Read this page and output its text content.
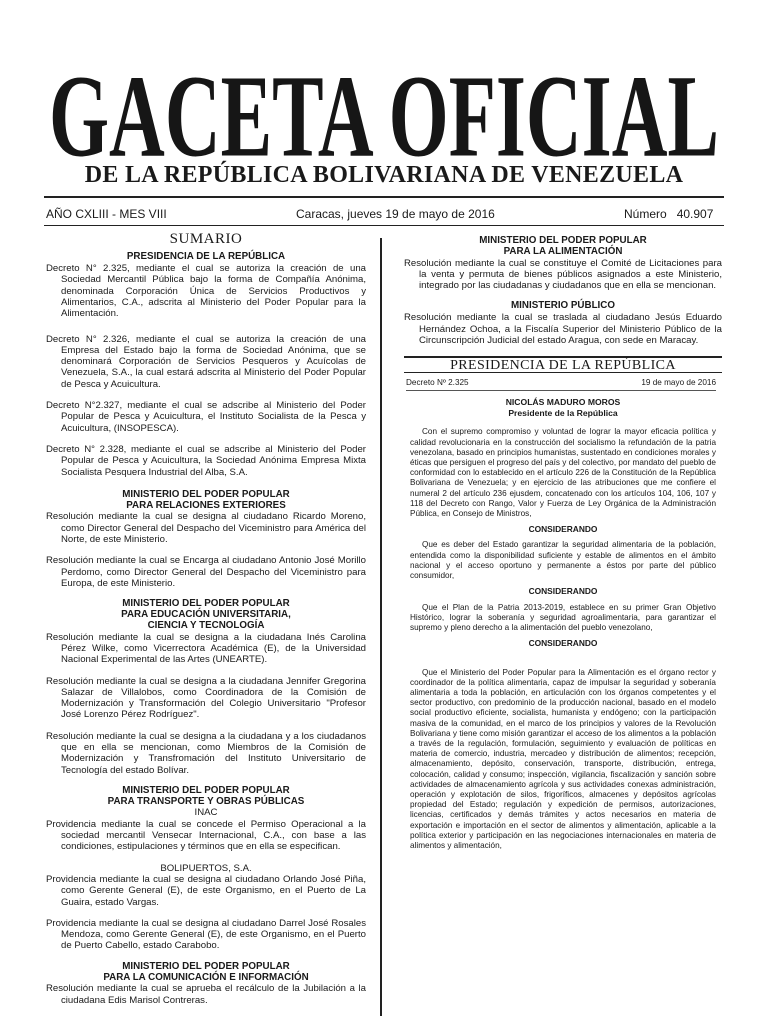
GACETA OFICIAL
DE LA REPÚBLICA BOLIVARIANA DE VENEZUELA
AÑO CXLIII - MES VIII	Caracas, jueves 19 de mayo de 2016	Número 40.907
SUMARIO
PRESIDENCIA DE LA REPÚBLICA
Decreto N° 2.325, mediante el cual se autoriza la creación de una Sociedad Mercantil Pública bajo la forma de Compañía Anónima, denominada Corporación Única de Servicios Productivos y Alimentarios, C.A., adscrita al Ministerio del Poder Popular para la Alimentación.
Decreto N° 2.326, mediante el cual se autoriza la creación de una Empresa del Estado bajo la forma de Sociedad Anónima, que se denominará Corporación de Servicios Pesqueros y Acuícolas de Venezuela, S.A., la cual estará adscrita al Ministerio del Poder Popular de Pesca y Acuicultura.
Decreto N°2.327, mediante el cual se adscribe al Ministerio del Poder Popular de Pesca y Acuicultura, el Instituto Socialista de la Pesca y Acuicultura, (INSOPESCA).
Decreto N° 2.328, mediante el cual se adscribe al Ministerio del Poder Popular de Pesca y Acuicultura, la Sociedad Anónima Empresa Mixta Socialista Pesquera Industrial del Alba, S.A.
MINISTERIO DEL PODER POPULAR
PARA RELACIONES EXTERIORES
Resolución mediante la cual se designa al ciudadano Ricardo Moreno, como Director General del Despacho del Viceministro para América del Norte, de este Ministerio.
Resolución mediante la cual se Encarga al ciudadano Antonio José Morillo Perdomo, como Director General del Despacho del Viceministro para Europa, de este Ministerio.
MINISTERIO DEL PODER POPULAR
PARA EDUCACIÓN UNIVERSITARIA,
CIENCIA Y TECNOLOGÍA
Resolución mediante la cual se designa a la ciudadana Inés Carolina Pérez Wilke, como Vicerrectora Académica (E), de la Universidad Nacional Experimental de las Artes (UNEARTE).
Resolución mediante la cual se designa a la ciudadana Jennifer Gregorina Salazar de Villalobos, como Coordinadora de la Comisión de Modernización y Transformación del Colegio Universitario "Profesor José Lorenzo Pérez Rodríguez".
Resolución mediante la cual se designa a la ciudadana y a los ciudadanos que en ella se mencionan, como Miembros de la Comisión de Modernización y Transfromación del Instituto Universitario de Tecnología del estado Bolívar.
MINISTERIO DEL PODER POPULAR
PARA TRANSPORTE Y OBRAS PÚBLICAS
INAC
Providencia mediante la cual se concede el Permiso Operacional a la sociedad mercantil Vensecar Internacional, C.A., con base a las condiciones, estipulaciones y términos que en ella se especifican.
BOLIPUERTOS, S.A.
Providencia mediante la cual se designa al ciudadano Orlando José Piña, como Gerente General (E), de este Organismo, en el Puerto de La Guaira, estado Vargas.
Providencia mediante la cual se designa al ciudadano Darrel José Rosales Mendoza, como Gerente General (E), de este Organismo, en el Puerto de Puerto Cabello, estado Carabobo.
MINISTERIO DEL PODER POPULAR
PARA LA COMUNICACIÓN E INFORMACIÓN
Resolución mediante la cual se aprueba el recálculo de la Jubilación a la ciudadana Edis Marisol Contreras.
MINISTERIO DEL PODER POPULAR
PARA LA ALIMENTACIÓN
Resolución mediante la cual se constituye el Comité de Licitaciones para la venta y permuta de bienes públicos asignados a este Ministerio, integrado por las ciudadanas y ciudadanos que en ella se mencionan.
MINISTERIO PÚBLICO
Resolución mediante la cual se traslada al ciudadano Jesús Eduardo Hernández Ochoa, a la Fiscalía Superior del Ministerio Público de la Circunscripción Judicial del estado Aragua, con sede en Maracay.
PRESIDENCIA DE LA REPÚBLICA
Decreto Nº 2.325	19 de mayo de 2016
NICOLÁS MADURO MOROS
Presidente de la República
Con el supremo compromiso y voluntad de lograr la mayor eficacia política y calidad revolucionaria en la construcción del socialismo la refundación de la patria venezolana, basado en principios humanistas, sustentado en condiciones morales y éticas que persiguen el progreso del país y del colectivo, por mandato del pueblo de conformidad con lo establecido en el artículo 226 de la Constitución de la República Bolivariana de Venezuela; y en ejercicio de las atribuciones que me confiere el numeral 2 del artículo 236 ejusdem, concatenado con los artículos 104, 106, 107 y 118 del Decreto con Rango, Valor y Fuerza de Ley Orgánica de la Administración Pública, en Consejo de Ministros,
CONSIDERANDO
Que es deber del Estado garantizar la seguridad alimentaria de la población, entendida como la disponibilidad suficiente y estable de alimentos en el ámbito nacional y el acceso oportuno y permanente a éstos por parte del público consumidor,
CONSIDERANDO
Que el Plan de la Patria 2013-2019, establece en su primer Gran Objetivo Histórico, lograr la soberanía y seguridad agroalimentaria, para garantizar el supremo y pleno derecho a la alimentación del pueblo venezolano,
CONSIDERANDO
Que el Ministerio del Poder Popular para la Alimentación es el órgano rector y coordinador de la política alimentaria, capaz de impulsar la seguridad y soberanía alimentaria a toda la población, en articulación con los órganos competentes y el sector productivo, con predominio de la producción nacional, basado en el modelo social productivo eficiente, socialista, humanista y endógeno; con la participación masiva de la comunidad, en el marco de los principios y valores de la Revolución Bolivariana y tiene como misión garantizar el acceso de los alimentos a la población a través de la regulación, formulación, seguimiento y evaluación de políticas en materia de comercio, industria, mercadeo y distribución de alimentos; recepción, almacenamiento, depósito, conservación, transporte, distribución, entrega, colocación, calidad y consumo; inspección, vigilancia, fiscalización y sanción sobre actividades de almacenamiento agrícola y sus actividades conexas administración, operación y explotación de silos, frigoríficos, almacenes y depósitos agrícolas propiedad del Estado; regulación y expedición de permisos, autorizaciones, licencias, certificados y demás trámites y actos necesarios en materia de exportación e importación en el sector de alimentos y alimentación, aplicable a la política exterior y participación en las negociaciones internacionales en materia de alimentos y alimentación,
